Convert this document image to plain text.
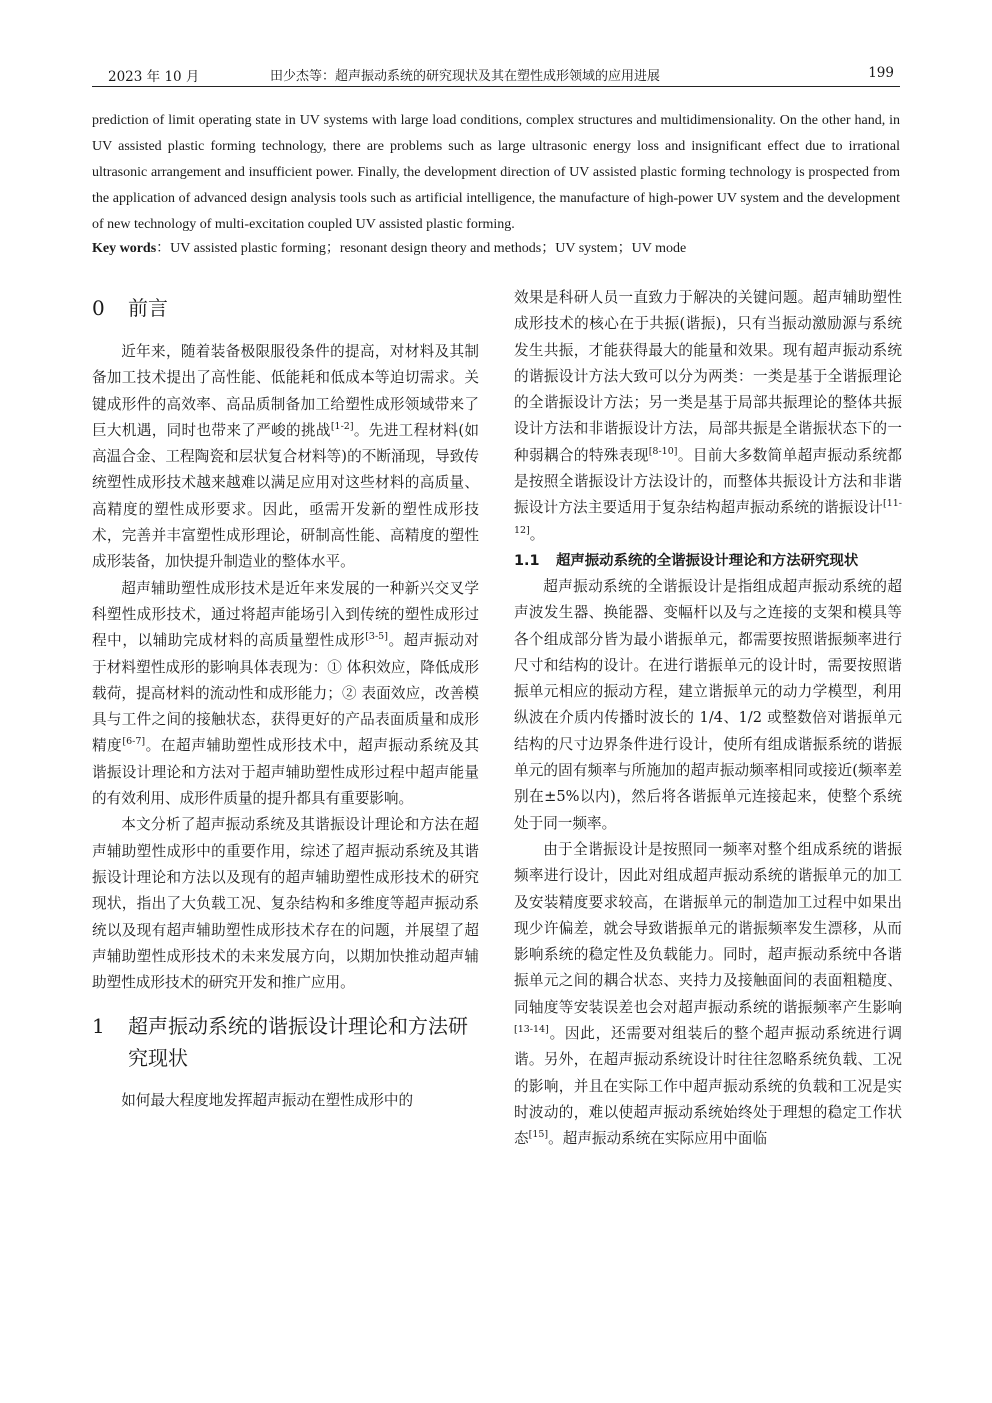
2023 年 10 月	田少杰等：超声振动系统的研究现状及其在塑性成形领域的应用进展	199

prediction of limit operating state in UV systems with large load conditions, complex structures and multidimensionality. On the other hand, in UV assisted plastic forming technology, there are problems such as large ultrasonic energy loss and insignificant effect due to irrational ultrasonic arrangement and insufficient power. Finally, the development direction of UV assisted plastic forming technology is prospected from the application of advanced design analysis tools such as artificial intelligence, the manufacture of high-power UV system and the development of new technology of multi-excitation coupled UV assisted plastic forming.

Key words：UV assisted plastic forming；resonant design theory and methods；UV system；UV mode
0 前言

近年来，随着装备极限服役条件的提高，对材料及其制备加工技术提出了高性能、低能耗和低成本等迫切需求。关键成形件的高效率、高品质制备加工给塑性成形领域带来了巨大机遇，同时也带来了严峻的挑战[1-2]。先进工程材料(如高温合金、工程陶瓷和层状复合材料等)的不断涌现，导致传统塑性成形技术越来越难以满足应用对这些材料的高质量、高精度的塑性成形要求。因此，亟需开发新的塑性成形技术，完善并丰富塑性成形理论，研制高性能、高精度的塑性成形装备，加快提升制造业的整体水平。

超声辅助塑性成形技术是近年来发展的一种新兴交叉学科塑性成形技术，通过将超声能场引入到传统的塑性成形过程中，以辅助完成材料的高质量塑性成形[3-5]。超声振动对于材料塑性成形的影响具体表现为：① 体积效应，降低成形载荷，提高材料的流动性和成形能力；② 表面效应，改善模具与工件之间的接触状态，获得更好的产品表面质量和成形精度[6-7]。在超声辅助塑性成形技术中，超声振动系统及其谐振设计理论和方法对于超声辅助塑性成形过程中超声能量的有效利用、成形件质量的提升都具有重要影响。

本文分析了超声振动系统及其谐振设计理论和方法在超声辅助塑性成形中的重要作用，综述了超声振动系统及其谐振设计理论和方法以及现有的超声辅助塑性成形技术的研究现状，指出了大负载工况、复杂结构和多维度等超声振动系统以及现有超声辅助塑性成形技术存在的问题，并展望了超声辅助塑性成形技术的未来发展方向，以期加快推动超声辅助塑性成形技术的研究开发和推广应用。

1	超声振动系统的谐振设计理论和方法研究现状

如何最大程度地发挥超声振动在塑性成形中的

效果是科研人员一直致力于解决的关键问题。超声辅助塑性成形技术的核心在于共振(谐振)，只有当振动激励源与系统发生共振，才能获得最大的能量和效果。现有超声振动系统的谐振设计方法大致可以分为两类：一类是基于全谐振理论的全谐振设计方法；另一类是基于局部共振理论的整体共振设计方法和非谐振设计方法，局部共振是全谐振状态下的一种弱耦合的特殊表现[8-10]。目前大多数简单超声振动系统都是按照全谐振设计方法设计的，而整体共振设计方法和非谐振设计方法主要适用于复杂结构超声振动系统的谐振设计[11-12]。

1.1	超声振动系统的全谐振设计理论和方法研究现状

超声振动系统的全谐振设计是指组成超声振动系统的超声波发生器、换能器、变幅杆以及与之连接的支架和模具等各个组成部分皆为最小谐振单元，都需要按照谐振频率进行尺寸和结构的设计。在进行谐振单元的设计时，需要按照谐振单元相应的振动方程，建立谐振单元的动力学模型，利用纵波在介质内传播时波长的 1/4、1/2 或整数倍对谐振单元结构的尺寸边界条件进行设计，使所有组成谐振系统的谐振单元的固有频率与所施加的超声振动频率相同或接近(频率差别在±5%以内)，然后将各谐振单元连接起来，使整个系统处于同一频率。

由于全谐振设计是按照同一频率对整个组成系统的谐振频率进行设计，因此对组成超声振动系统的谐振单元的加工及安装精度要求较高，在谐振单元的制造加工过程中如果出现少许偏差，就会导致谐振单元的谐振频率发生漂移，从而影响系统的稳定性及负载能力。同时，超声振动系统中各谐振单元之间的耦合状态、夹持力及接触面间的表面粗糙度、同轴度等安装误差也会对超声振动系统的谐振频率产生影响[13-14]。因此，还需要对组装后的整个超声振动系统进行调谐。另外，在超声振动系统设计时往往忽略系统负载、工况的影响，并且在实际工作中超声振动系统的负载和工况是实时波动的，难以使超声振动系统始终处于理想的稳定工作状态[15]。超声振动系统在实际应用中面临
